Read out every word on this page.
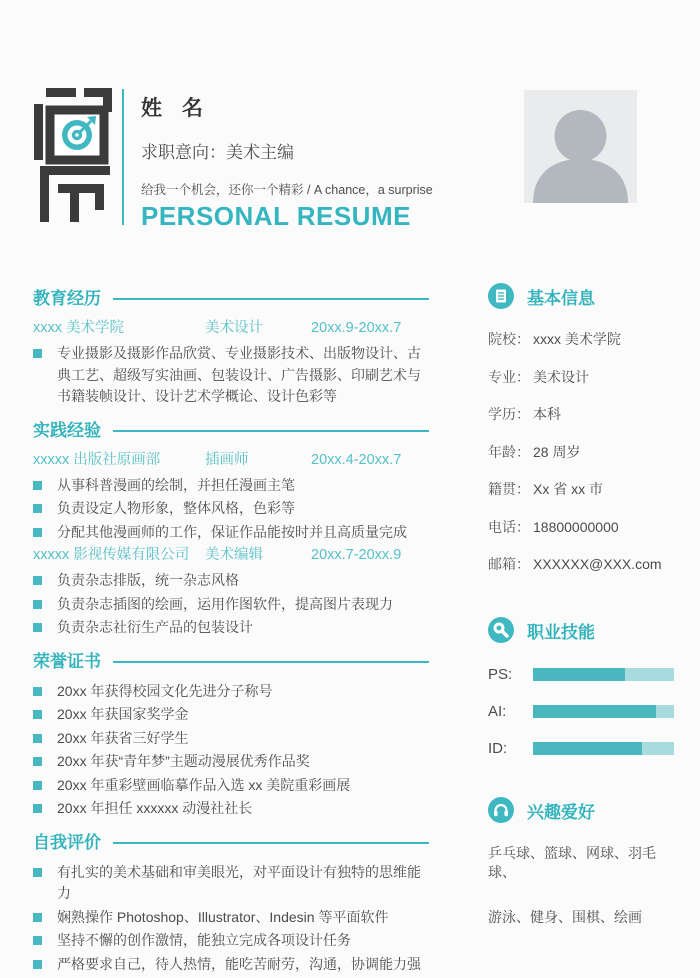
姓 名
求职意向：美术主编
给我一个机会，还你一个精彩 / A chance，a surprise
PERSONAL RESUME
教育经历
xxxx 美术学院	美术设计	20xx.9-20xx.7
专业摄影及摄影作品欣赏、专业摄影技术、出版物设计、古典工艺、超级写实油画、包装设计、广告摄影、印刷艺术与书籍装帧设计、设计艺术学概论、设计色彩等
实践经验
xxxxx 出版社原画部	插画师	20xx.4-20xx.7
从事科普漫画的绘制，并担任漫画主笔
负责设定人物形象，整体风格，色彩等
分配其他漫画师的工作，保证作品能按时并且高质量完成
xxxxx 影视传媒有限公司	美术编辑	20xx.7-20xx.9
负责杂志排版，统一杂志风格
负责杂志插图的绘画，运用作图软件，提高图片表现力
负责杂志社衍生产品的包装设计
荣誉证书
20xx 年获得校园文化先进分子称号
20xx 年获国家奖学金
20xx 年获省三好学生
20xx 年获“青年梦”主题动漫展优秀作品奖
20xx 年重彩壁画临摹作品入选 xx 美院重彩画展
20xx 年担任 xxxxxx 动漫社社长
自我评价
有扎实的美术基础和审美眼光，对平面设计有独特的思维能力
娴熟操作 Photoshop、Illustrator、Indesin 等平面软件
坚持不懈的创作激情，能独立完成各项设计任务
严格要求自己，待人热情，能吃苦耐劳，沟通，协调能力强
基本信息
院校： xxxx 美术学院
专业： 美术设计
学历： 本科
年龄： 28 周岁
籍贯： Xx 省 xx 市
电话： 18800000000
邮箱： XXXXXX@XXX.com
职业技能
PS:
AI:
ID:
兴趣爱好
乒乓球、篮球、网球、羽毛球、
游泳、健身、围棋、绘画
